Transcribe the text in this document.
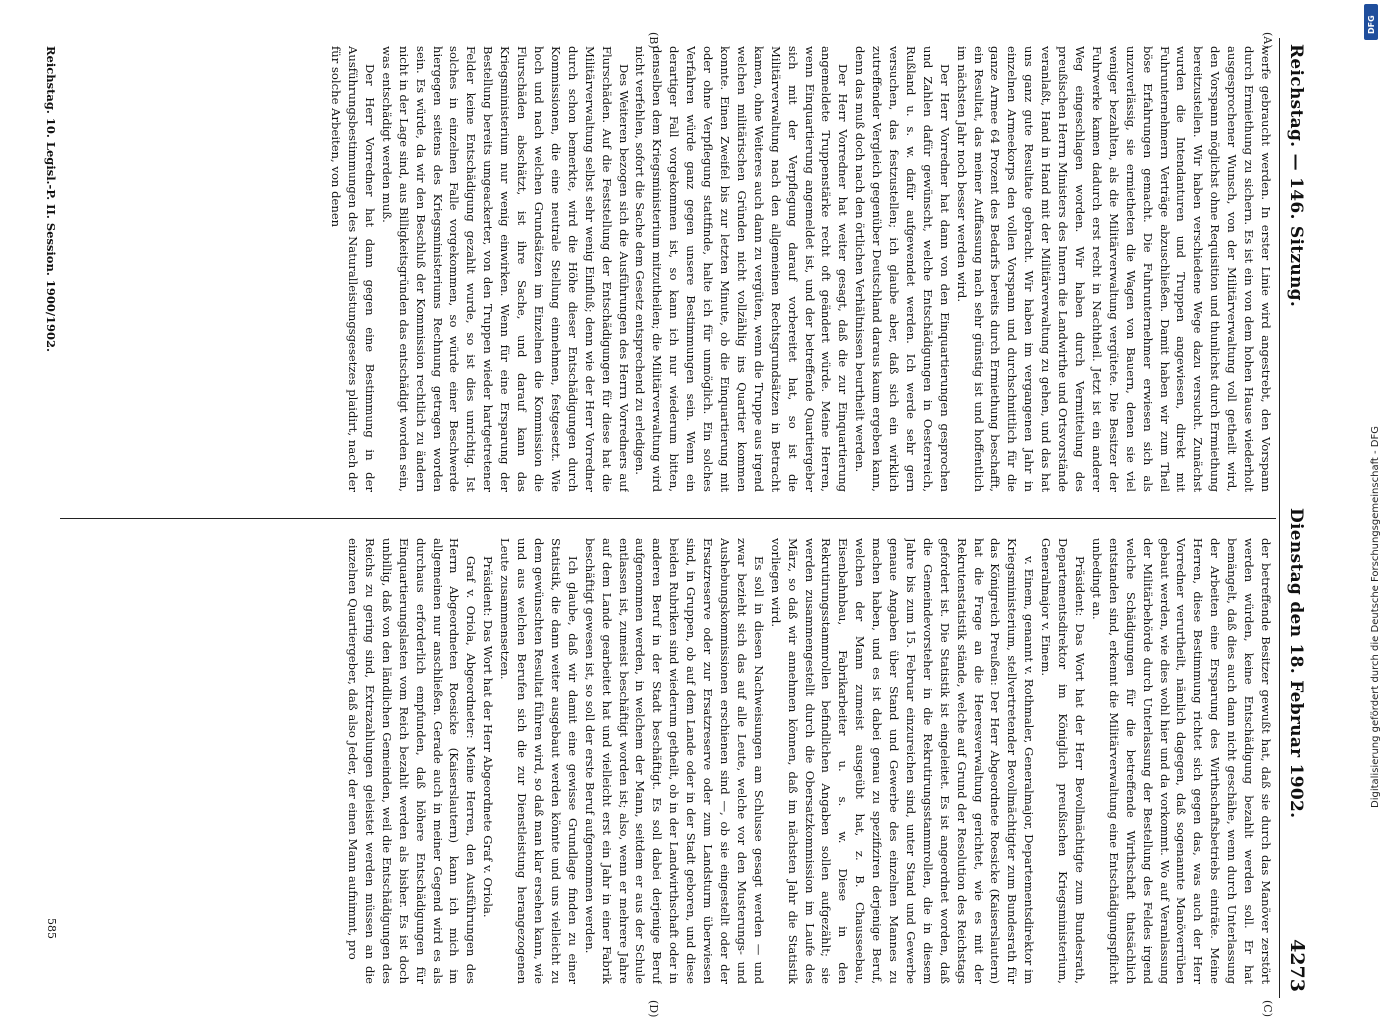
Reichstag. — 146. Sitzung.
Dienstag den 18. Februar 1902.
4273
(A)
(B)
(C)
(D)

werfe gebraucht werden. In erster Linie wird angestrebt, den Vorspann durch Ermiethung zu sichern. Es ist ein von dem hohen Hause wiederholt ausgesprochener Wunsch, von der Militärverwaltung voll getheilt wird, den Vorspann möglichst ohne Requisition und thunlichst durch Ermiethung bereitzustellen. Wir haben verschiedene Wege dazu versucht. Zunächst wurden die Intendanturen und Truppen angewiesen, direkt mit Fuhrunternehmern Verträge abzuschließen. Damit haben wir zum Theil böse Erfahrungen gemacht. Die Fuhrunternehmer erwiesen sich als unzuverlässig, sie ermietheten die Wagen von Bauern, denen sie viel weniger bezahlten, als die Militärverwaltung vergütete. Die Besitzer der Fuhrwerke kamen dadurch erst recht in Nachtheil. Jetzt ist ein anderer Weg eingeschlagen worden. Wir haben durch Vermittelung des preußischen Herrn Ministers des Innern die Landwirthe und Ortsvorstände veranlaßt, Hand in Hand mit der Militärverwaltung zu gehen, und das hat uns ganz gute Resultate gebracht. Wir haben im vergangenen Jahr in einzelnen Armeekorps den vollen Vorspann und durchschnittlich für die ganze Armee 64 Prozent des Bedarfs bereits durch Ermiethung beschafft, ein Resultat, das meiner Auffassung nach sehr günstig ist und hoffentlich im nächsten Jahr noch besser werden wird.

Der Herr Vorredner hat dann von den Einquartierungen gesprochen und Zahlen dafür gewünscht, welche Entschädigungen in Oesterreich, Rußland u. s. w. dafür aufgewendet werden. Ich werde sehr gern versuchen, das festzustellen; ich glaube aber, daß sich ein wirklich zutreffender Vergleich gegenüber Deutschland daraus kaum ergeben kann, denn das muß doch nach den örtlichen Verhältnissen beurtheilt werden.

Der Herr Vorredner hat weiter gesagt, daß die zur Einquartierung angemeldete Truppenstärke recht oft geändert würde. Meine Herren, wenn Einquartierung angemeldet ist, und der betreffende Quartiergeber sich mit der Verpflegung darauf vorbereitet hat, so ist die Militärverwaltung nach den allgemeinen Rechtsgrundsätzen in Betracht kamen, ohne Weiteres auch dann zu vergüten, wenn die Truppe aus irgend welchen militärischen Gründen nicht vollzählig ins Quartier kommen konnte. Einen Zweifel bis zur letzten Minute, ob die Einquartierung mit oder ohne Verpflegung stattfinde, halte ich für unmöglich. Ein solches Verfahren würde ganz gegen unsere Bestimmungen sein. Wenn ein derartiger Fall vorgekommen ist, so kann ich nur wiederum bitten, denselben dem Kriegsministerium mitzutheilen; die Militärverwaltung wird nicht verfehlen, sofort die Sache dem Gesetz entsprechend zu erledigen.

Des Weiteren bezogen sich die Ausführungen des Herrn Vorredners auf Flurschäden. Auf die Feststellung der Entschädigungen für diese hat die Militärverwaltung selbst sehr wenig Einfluß; denn wie der Herr Vorredner durch schon bemerkte, wird die Höhe dieser Entschädigungen durch Kommissionen, die eine neutrale Stellung einnehmen, festgesetzt. Wie hoch und nach welchen Grundsätzen im Einzelnen die Kommission die Flurschäden abschätzt, ist ihre Sache, und darauf kann das Kriegsministerium nur wenig einwirken. Wenn für eine Ersparung der Bestellung bereits umgeackerter, von den Truppen wieder hartgetretener Felder keine Entschädigung gezahlt wurde, so ist dies unrichtig. Ist solches in einzelnen Falle vorgekommen, so würde einer Beschwerde hiergegen seitens des Kriegsministeriums Rechnung getragen worden sein. Es würde, da wir den Beschluß der Kommission rechtlich zu ändern nicht in der Lage sind, aus Billigkeitsgründen das entschädigt worden sein, was entschädigt werden muß.

Der Herr Vorredner hat dann gegen eine Bestimmung in der Ausführungsbestimmungen des Naturalleistungsgesetzes plaidirt, nach der für solche Arbeiten, von denen

der betreffende Besitzer gewußt hat, daß sie durch das Manöver zerstört werden würden, keine Entschädigung bezahlt werden soll. Er hat bemängelt, daß dies auch dann nicht geschähe, wenn durch Unterlassung der Arbeiten eine Ersparung des Wirthschaftsbetriebs einträte. Meine Herren, diese Bestimmung richtet sich gegen das, was auch der Herr Vorredner verurtheilt, nämlich dagegen, daß sogenannte Manöverrüben gebaut werden, wie dies wohl hier und da vorkommt. Wo auf Veranlassung der Militärbehörde durch Unterlassung der Bestellung des Feldes irgend welche Schädigungen für die betreffende Wirthschaft thatsächlich entstanden sind, erkennt die Militärverwaltung eine Entschädigungspflicht unbedingt an.

Präsident: Das Wort hat der Herr Bevollmächtigte zum Bundesrath, Departementsdirektor im Königlich preußischen Kriegsministerium, Generalmajor v. Einem.

v. Einem, genannt v. Rothmaler, Generalmajor, Departementsdirektor im Kriegsministerium, stellvertretender Bevollmächtigter zum Bundesrath für das Königreich Preußen: Der Herr Abgeordnete Roesicke (Kaiserslautern) hat die Frage an die Heeresverwaltung gerichtet, wie es mit der Rekrutenstatistik stände, welche auf Grund der Resolution des Reichstags gefordert ist. Die Statistik ist eingeleitet. Es ist angeordnet worden, daß die Gemeindevorsteher in die Rekrutirungsstammrollen, die in diesem Jahre bis zum 15. Februar einzureichen sind, unter Stand und Gewerbe genaue Angaben über Stand und Gewerbe des einzelnen Mannes zu machen haben, und es ist dabei genau zu spezifiziren derjenige Beruf, welchen der Mann zumeist ausgeübt hat, z. B. Chausseebau, Eisenbahnbau, Fabrikarbeiter u. s. w. Diese in den Rekrutirungsstammrollen befindlichen Angaben sollen aufgezählt; sie werden zusammengestellt durch die Obersatzkommission im Laufe des März, so daß wir annehmen können, daß im nächsten Jahr die Statistik vorliegen wird.

Es soll in diesen Nachweisungen am Schlusse gesagt werden — und zwar bezieht sich das auf alle Leute, welche vor den Musterungs- und Aushebungskommissionen erschienen sind —, ob sie eingestellt oder der Ersatzreserve oder zur Ersatzreserve oder zum Landsturm überwiesen sind, in Gruppen, ob auf dem Lande oder in der Stadt geboren, und diese beiden Rubriken sind wiederum getheilt, ob in der Landwirthschaft oder in anderen Beruf in der Stadt beschäftigt. Es soll dabei derjenige Beruf aufgenommen werden, in welchem der Mann, seitdem er aus der Schule entlassen ist, zumeist beschäftigt worden ist; also, wenn er mehrere Jahre auf dem Lande gearbeitet hat und vielleicht erst ein Jahr in einer Fabrik beschäftigt gewesen ist, so soll der erste Beruf aufgenommen werden.

Ich glaube, daß wir damit eine gewisse Grundlage finden zu einer Statistik, die dann weiter ausgebaut werden könnte und uns vielleicht zu dem gewünschten Resultat führen wird, so daß man klar ersehen kann, wie und aus welchen Berufen sich die zur Dienstleistung herangezogenen Leute zusammensetzen.

Präsident: Das Wort hat der Herr Abgeordnete Graf v. Oriola.

Graf v. Oriola, Abgeordneter: Meine Herren, den Ausführungen des Herrn Abgeordneten Roesicke (Kaiserslautern) kann ich mich im allgemeinen nur anschließen. Gerade auch in meiner Gegend wird es als durchaus erforderlich empfunden, daß höhere Entschädigungen für Einquartierungslasten vom Reich bezahlt werden als bisher. Es ist doch unbillig, daß von den ländlichen Gemeinden, weil die Entschädigungen des Reichs zu gering sind, Extrazahlungen geleistet werden müssen an die einzelnen Quartiergeber, daß also Jeder, der einen Mann aufnimmt, pro

Reichstag. 10. Legisl.-P. II. Session. 1900/1902.
585
Digitalisierung gefördert durch die Deutsche Forschungsgemeinschaft - DFG
DFG
